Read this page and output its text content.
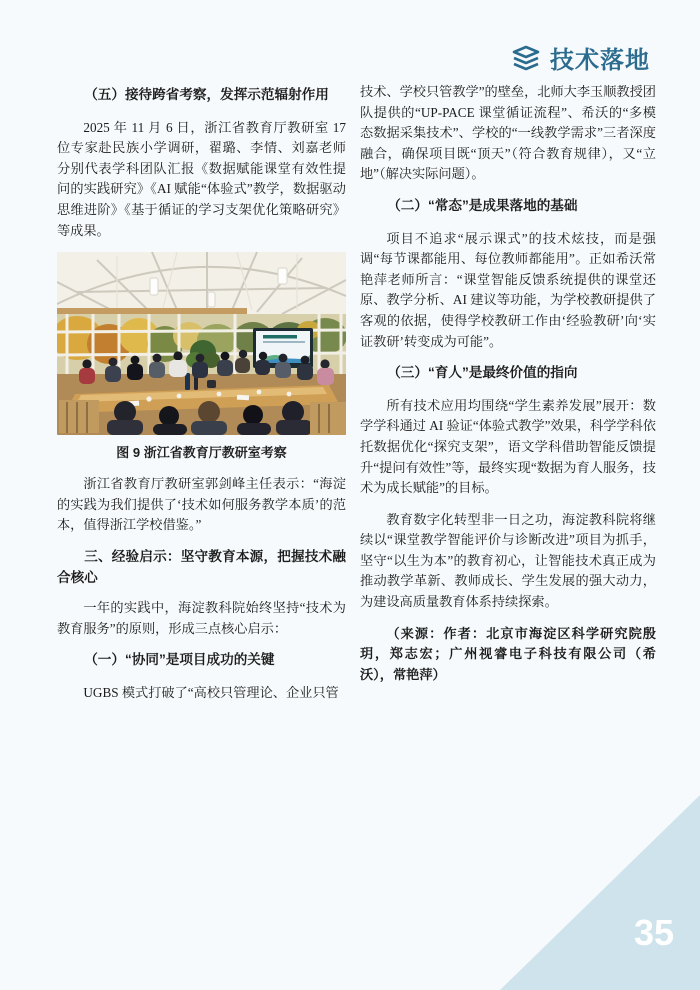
技术落地
（五）接待跨省考察，发挥示范辐射作用

2025 年 11 月 6 日，浙江省教育厅教研室 17 位专家赴民族小学调研，翟璐、李情、刘嘉老师分别代表学科团队汇报《数据赋能课堂有效性提问的实践研究》《AI 赋能“体验式”教学，数据驱动思维进阶》《基于循证的学习支架优化策略研究》等成果。

图 9 浙江省教育厅教研室考察

浙江省教育厅教研室郭剑峰主任表示：“海淀的实践为我们提供了‘技术如何服务教学本质’的范本，值得浙江学校借鉴。”

三、经验启示：坚守教育本源，把握技术融合核心

一年的实践中，海淀教科院始终坚持“技术为教育服务”的原则，形成三点核心启示：

（一）“协同”是项目成功的关键

UGBS 模式打破了“高校只管理论、企业只管

技术、学校只管教学”的壁垒，北师大李玉顺教授团队提供的“UP-PACE 课堂循证流程”、希沃的“多模态数据采集技术”、学校的“一线教学需求”三者深度融合，确保项目既“顶天”（符合教育规律），又“立地”（解决实际问题）。

（二）“常态”是成果落地的基础

项目不追求“展示课式”的技术炫技，而是强调“每节课都能用、每位教师都能用”。正如希沃常艳萍老师所言：“课堂智能反馈系统提供的课堂还原、教学分析、AI 建议等功能，为学校教研提供了客观的依据，使得学校教研工作由‘经验教研’向‘实证教研’转变成为可能”。

（三）“育人”是最终价值的指向

所有技术应用均围绕“学生素养发展”展开：数学学科通过 AI 验证“体验式教学”效果，科学学科依托数据优化“探究支架”，语文学科借助智能反馈提升“提问有效性”等，最终实现“数据为育人服务，技术为成长赋能”的目标。

教育数字化转型非一日之功，海淀教科院将继续以“课堂教学智能评价与诊断改进”项目为抓手，坚守“以生为本”的教育初心，让智能技术真正成为推动教学革新、教师成长、学生发展的强大动力，为建设高质量教育体系持续探索。

（来源：作者：北京市海淀区科学研究院殷玥，郑志宏；广州视睿电子科技有限公司（希沃），常艳萍）

35
